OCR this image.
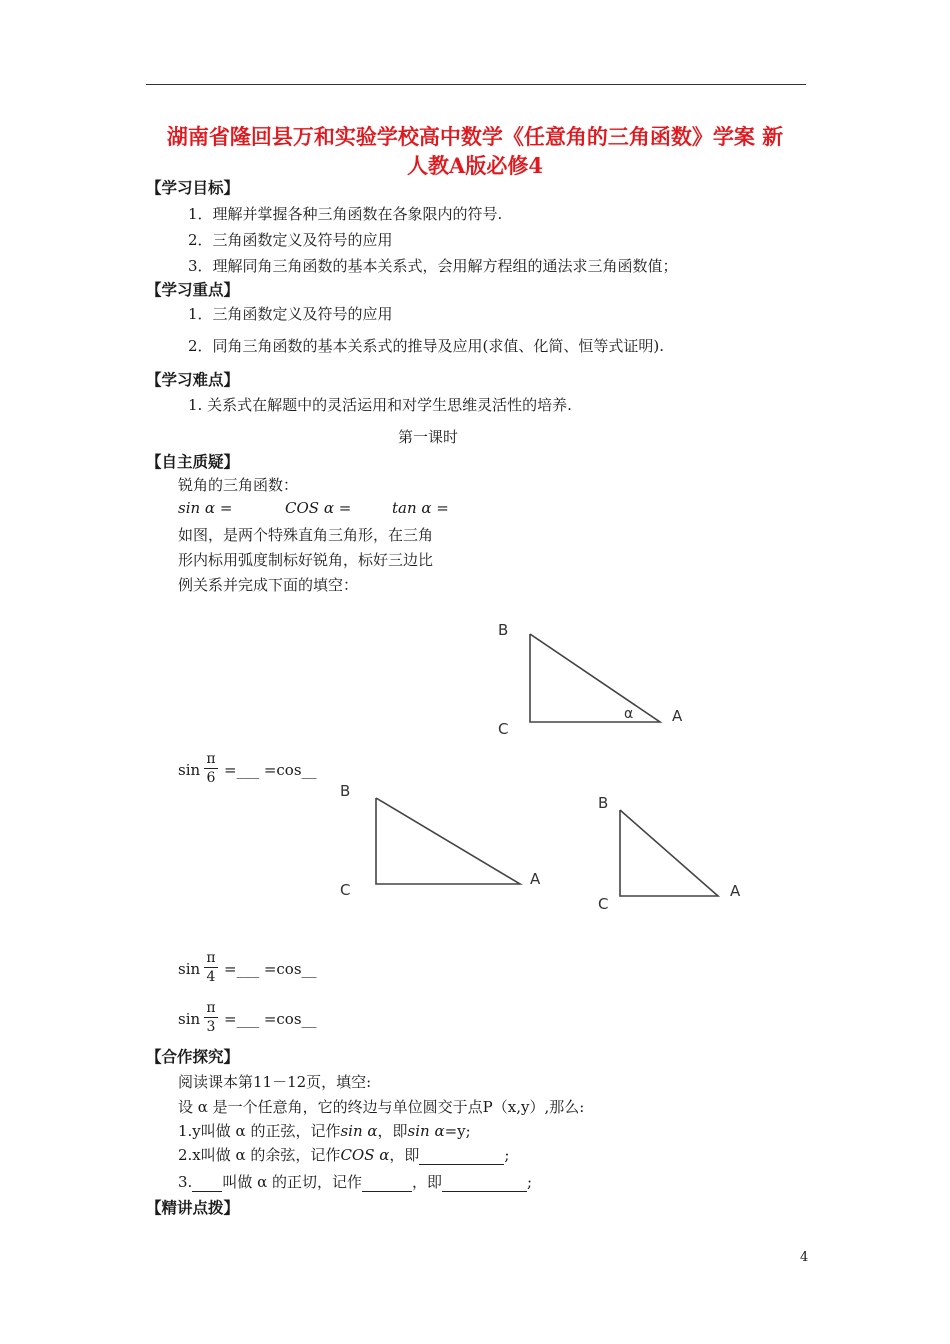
湖南省隆回县万和实验学校高中数学《任意角的三角函数》学案 新
人教A版必修4
【学习目标】
1．理解并掌握各种三角函数在各象限内的符号.
2．三角函数定义及符号的应用
3．理解同角三角函数的基本关系式，会用解方程组的通法求三角函数值；
【学习重点】
1．三角函数定义及符号的应用
2．同角三角函数的基本关系式的推导及应用(求值、化简、恒等式证明).
【学习难点】
1. 关系式在解题中的灵活运用和对学生思维灵活性的培养.
第一课时
【自主质疑】
锐角的三角函数：
sin α =	COS α =	tan α =
如图，是两个特殊直角三角形，在三角
形内标用弧度制标好锐角，标好三边比
例关系并完成下面的填空：
B
C
A
α
sin
π
6 =___ =cos__
B
C
A
B
C
A
sin
π
4 =___ =cos__
sin
π
3 =___ =cos__
【合作探究】
阅读课本第11－12页，填空:
设 α 是一个任意角，它的终边与单位圆交于点P（x,y）,那么:
1.y叫做 α 的正弦，记作sin α，即sin α=y;
2.x叫做 α 的余弦，记作COS α，即	;
3. 叫做 α 的正切，记作	，即	;
【精讲点拨】
4
